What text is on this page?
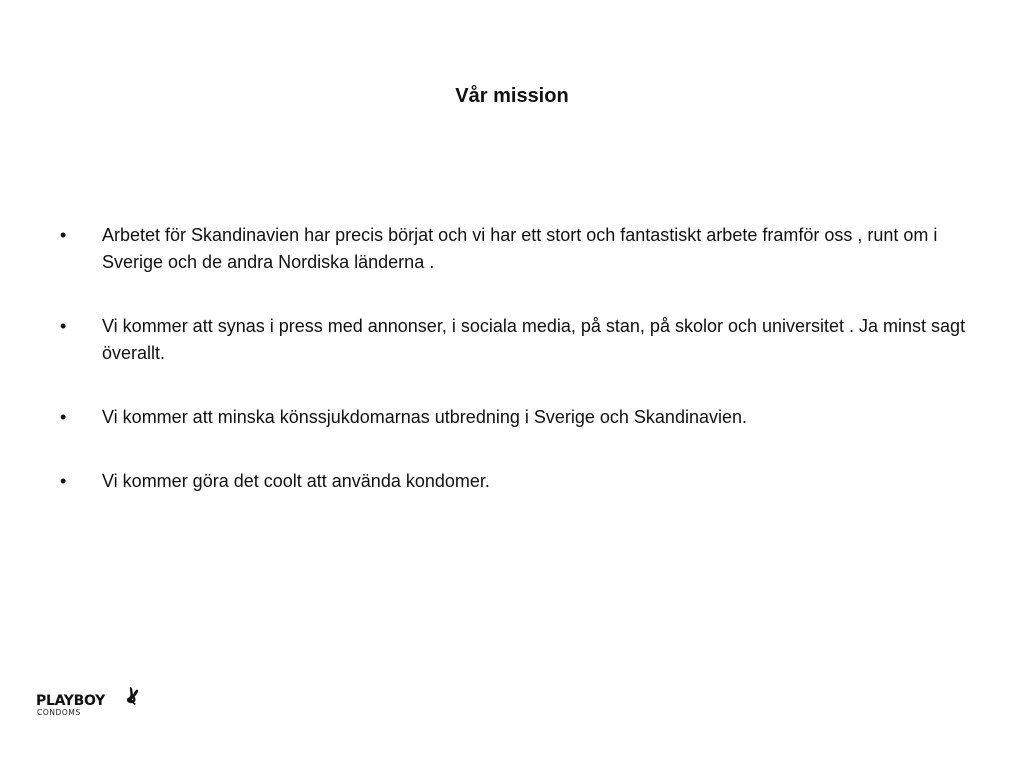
Vår mission
•	Arbetet för Skandinavien har precis börjat och vi har ett stort och fantastiskt arbete framför oss , runt om i Sverige och de andra Nordiska länderna .
•	Vi kommer att synas i press med annonser, i sociala media, på stan, på skolor och universitet . Ja minst sagt överallt.
•	Vi kommer att minska könssjukdomarnas utbredning i Sverige och Skandinavien.
•	Vi kommer göra det coolt att använda kondomer.
PLAYBOY
CONDOMS
